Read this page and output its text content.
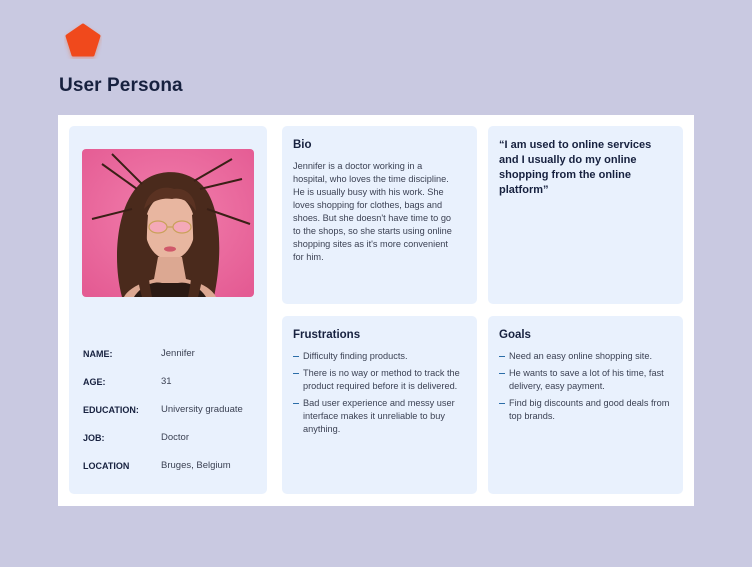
User Persona
NAME:	Jennifer
AGE:	31
EDUCATION:	University graduate
JOB:	Doctor
LOCATION	Bruges, Belgium
Bio
Jennifer is a doctor working in a hospital, who loves the time discipline. He is usually busy with his work. She loves shopping for clothes, bags and shoes. But she doesn't have time to go to the shops, so she starts using online shopping sites as it's more convenient for him.
“I am used to online services and I usually do my online shopping from the online platform”
Frustrations
Difficulty finding products.
There is no way or method to track the product required before it is delivered.
Bad user experience and messy user interface makes it unreliable to buy anything.
Goals
Need an easy online shopping site.
He wants to save a lot of his time, fast delivery, easy payment.
Find big discounts and good deals from top brands.
